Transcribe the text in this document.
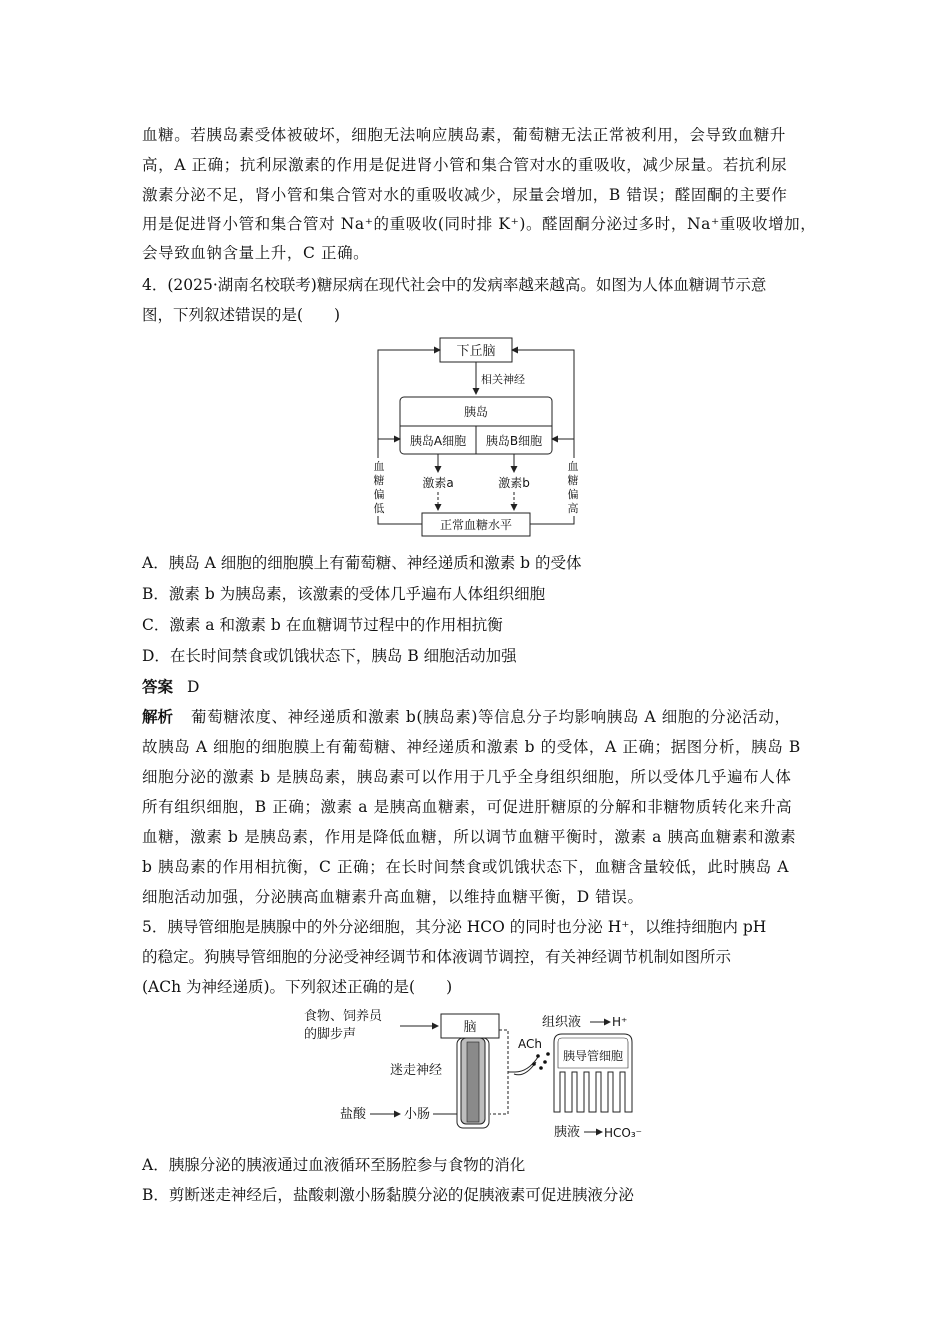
血糖。若胰岛素受体被破坏，细胞无法响应胰岛素，葡萄糖无法正常被利用，会导致血糖升
高，A 正确；抗利尿激素的作用是促进肾小管和集合管对水的重吸收，减少尿量。若抗利尿
激素分泌不足，肾小管和集合管对水的重吸收减少，尿量会增加，B 错误；醛固酮的主要作
用是促进肾小管和集合管对 Na⁺的重吸收(同时排 K⁺)。醛固酮分泌过多时，Na⁺重吸收增加，
会导致血钠含量上升，C 正确。
4．(2025·湖南名校联考)糖尿病在现代社会中的发病率越来越高。如图为人体血糖调节示意
图，下列叙述错误的是(　　)
下丘脑
相关神经
胰岛
胰岛A细胞 胰岛B细胞
激素a	激素b
正常血糖水平
血糖偏低
血糖偏高
A．胰岛 A 细胞的细胞膜上有葡萄糖、神经递质和激素 b 的受体
B．激素 b 为胰岛素，该激素的受体几乎遍布人体组织细胞
C．激素 a 和激素 b 在血糖调节过程中的作用相抗衡
D．在长时间禁食或饥饿状态下，胰岛 B 细胞活动加强
答案 D
解析 葡萄糖浓度、神经递质和激素 b(胰岛素)等信息分子均影响胰岛 A 细胞的分泌活动，
故胰岛 A 细胞的细胞膜上有葡萄糖、神经递质和激素 b 的受体，A 正确；据图分析，胰岛 B
细胞分泌的激素 b 是胰岛素，胰岛素可以作用于几乎全身组织细胞，所以受体几乎遍布人体
所有组织细胞，B 正确；激素 a 是胰高血糖素，可促进肝糖原的分解和非糖物质转化来升高
血糖，激素 b 是胰岛素，作用是降低血糖，所以调节血糖平衡时，激素 a 胰高血糖素和激素
b 胰岛素的作用相抗衡，C 正确；在长时间禁食或饥饿状态下，血糖含量较低，此时胰岛 A
细胞活动加强，分泌胰高血糖素升高血糖，以维持血糖平衡，D 错误。
5．胰导管细胞是胰腺中的外分泌细胞，其分泌 HCO 的同时也分泌 H⁺，以维持细胞内 pH
的稳定。狗胰导管细胞的分泌受神经调节和体液调节调控，有关神经调节机制如图所示
(ACh 为神经递质)。下列叙述正确的是(　　)
食物、饲养员
的脚步声	脑
迷走神经
盐酸	小肠
ACh
组织液	H⁺
胰导管细胞
胰液 HCO₃⁻
A．胰腺分泌的胰液通过血液循环至肠腔参与食物的消化
B．剪断迷走神经后，盐酸刺激小肠黏膜分泌的促胰液素可促进胰液分泌
